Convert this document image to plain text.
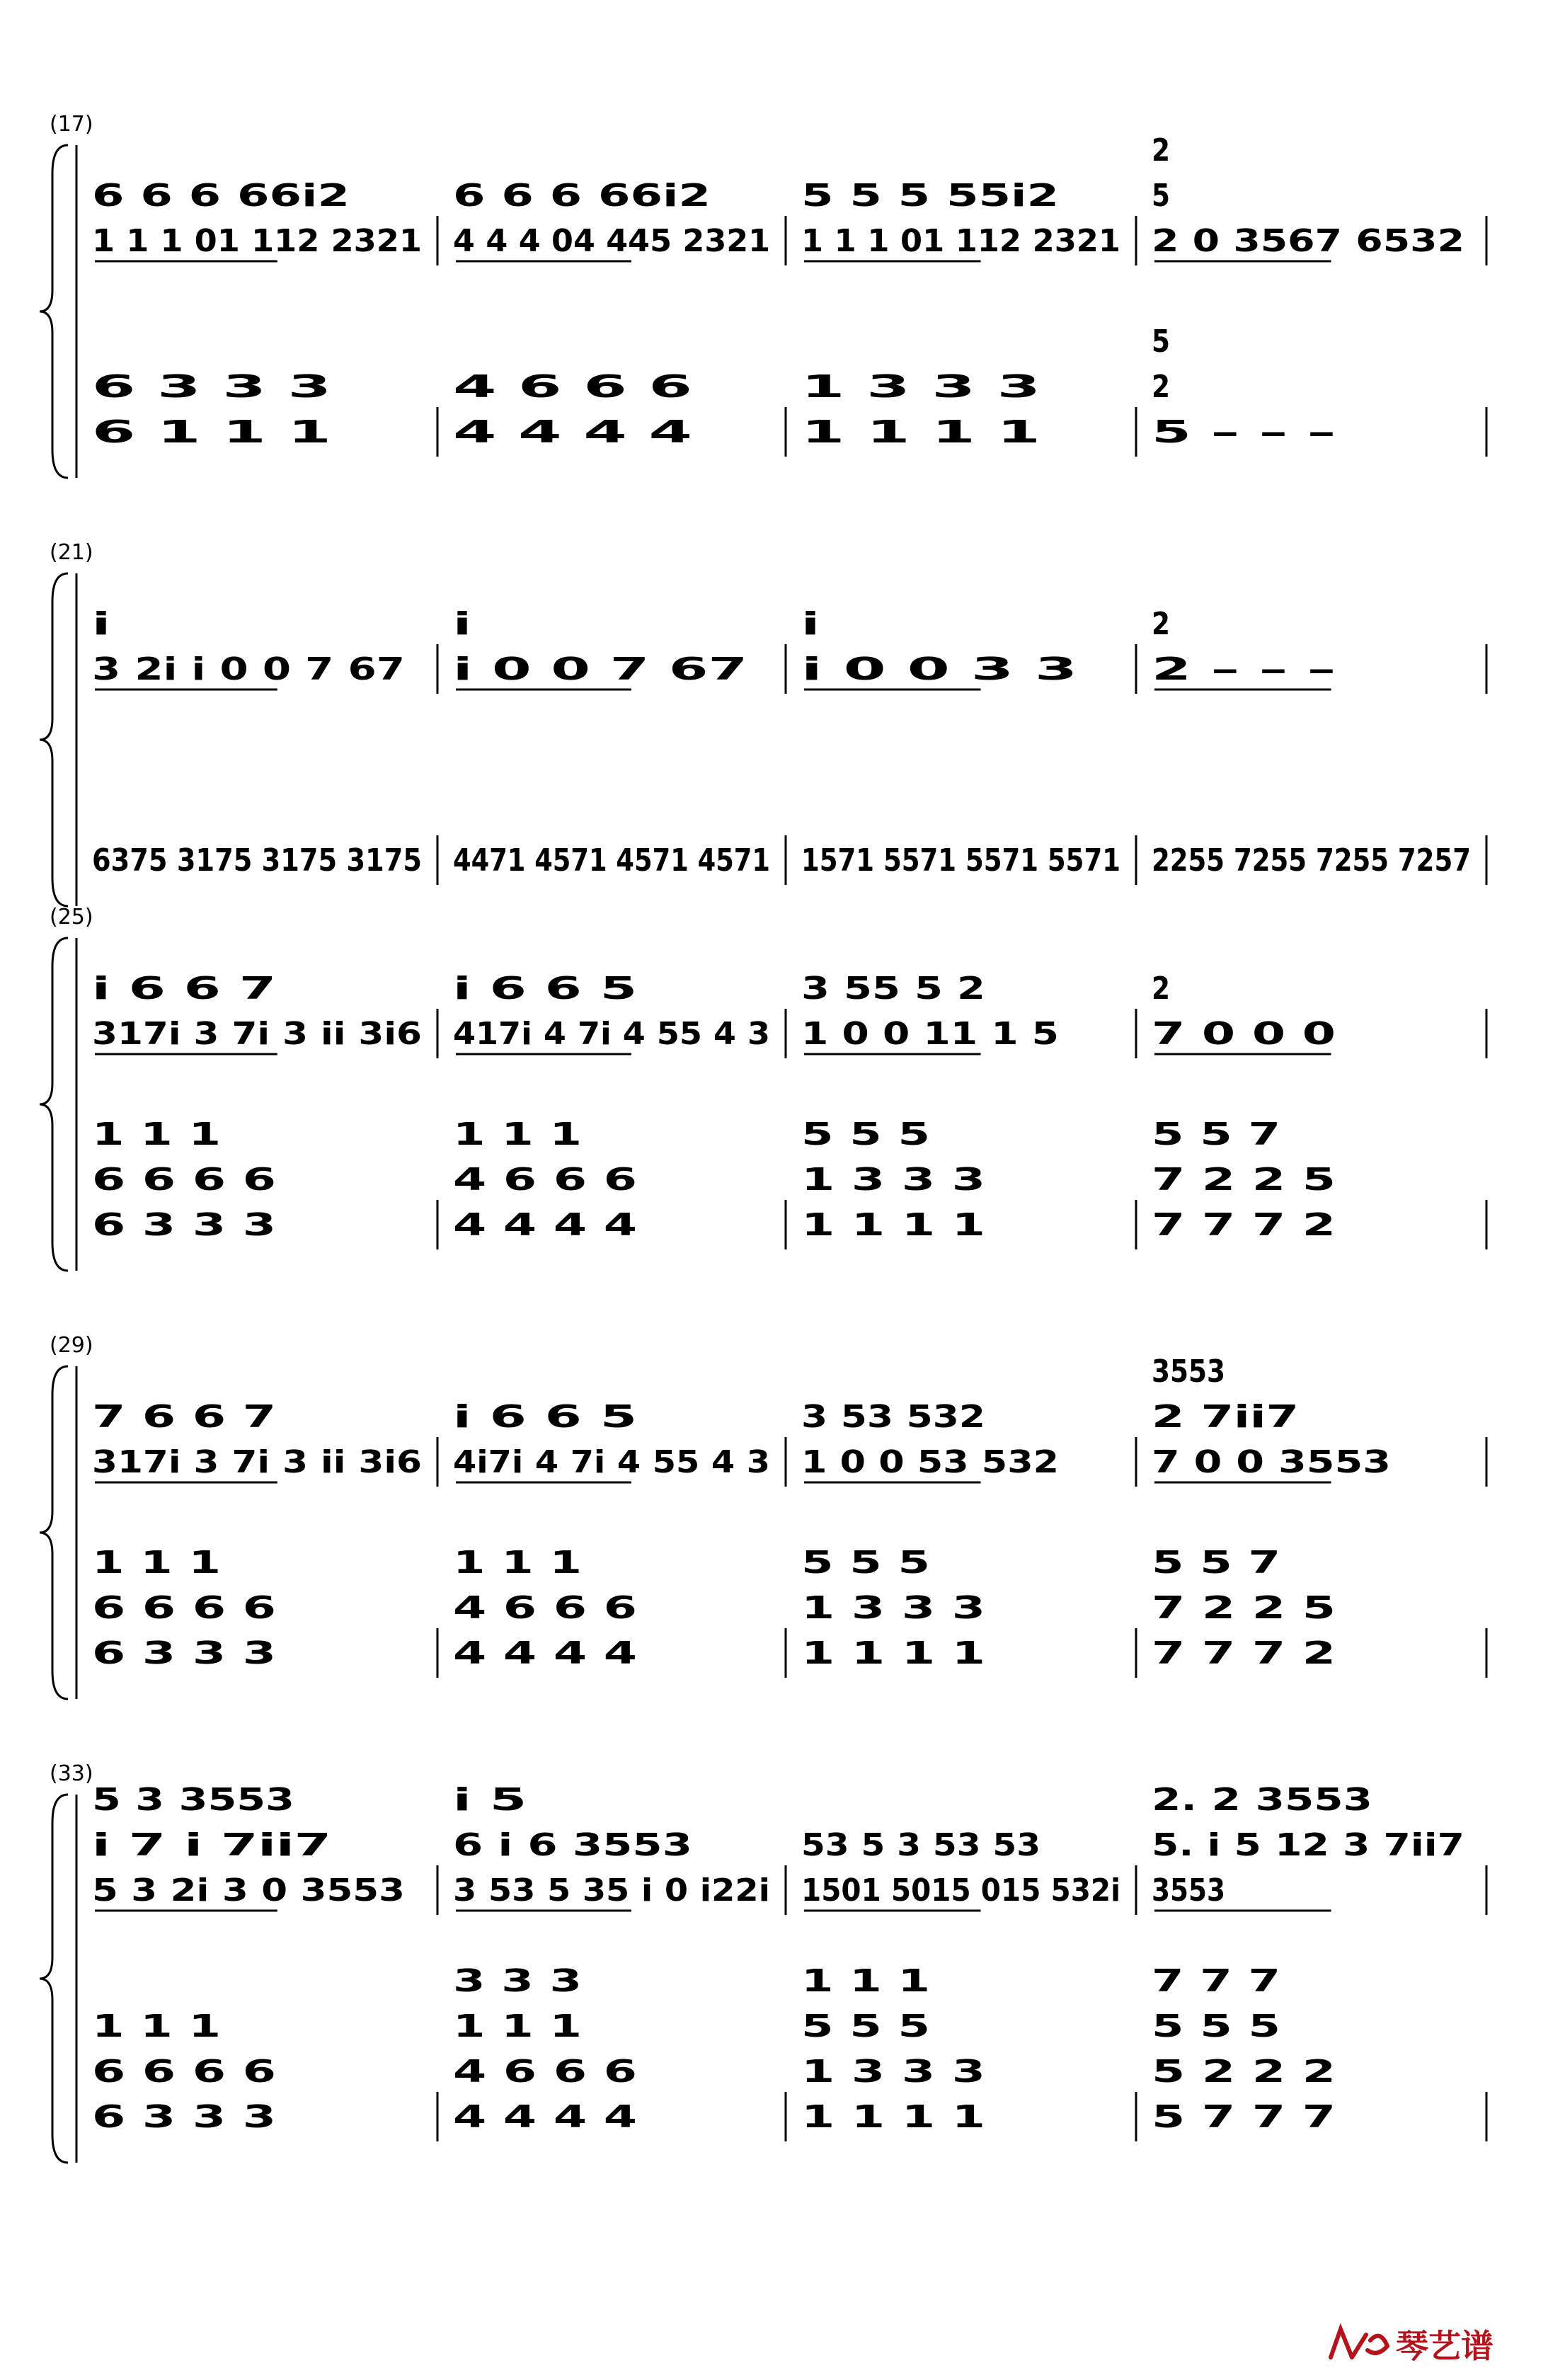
(17)
6 6 6 66i2
1 1 1 01 112 2321
6 3 3 3
6 1 1 1
6 6 6 66i2
4 4 4 04 445 2321
4 6 6 6
4 4 4 4
5 5 5 55i2
1 1 1 01 112 2321
1 3 3 3
1 1 1 1
2
5
2 0 3567 6532
5
2
5 – – –
(21)
i
3 2i i 0 0 7 67
6375 3175 3175 3175
i
i 0 0 7 67
4471 4571 4571 4571
i
i 0 0 3 3
1571 5571 5571 5571
2
2 – – –
2255 7255 7255 7257
(25)
i 6 6 7
317i 3 7i 3 ii 3i6
1 1 1
6 6 6 6
6 3 3 3
i 6 6 5
417i 4 7i 4 55 4 3
1 1 1
4 6 6 6
4 4 4 4
3 55 5 2
1 0 0 11 1 5
5 5 5
1 3 3 3
1 1 1 1
2
7 0 0 0
5 5 7
7 2 2 5
7 7 7 2
(29)
7 6 6 7
317i 3 7i 3 ii 3i6
1 1 1
6 6 6 6
6 3 3 3
i 6 6 5
4i7i 4 7i 4 55 4 3
1 1 1
4 6 6 6
4 4 4 4
3 53 532
1 0 0 53 532
5 5 5
1 3 3 3
1 1 1 1
3553
2 7ii7
7 0 0 3553
5 5 7
7 2 2 5
7 7 7 2
(33)
5 3 3553
i 7 i 7ii7
5 3 2i 3 0 3553
1 1 1
6 6 6 6
6 3 3 3
i 5
6 i 6 3553
3 53 5 35 i 0 i22i
3 3 3
1 1 1
4 6 6 6
4 4 4 4
53 5 3 53 53
1501 5015 015 532i
1 1 1
5 5 5
1 3 3 3
1 1 1 1
2. 2 3553
5. i 5 12 3 7ii7
3553
7 7 7
5 5 5
5 2 2 2
5 7 7 7
琴艺谱
